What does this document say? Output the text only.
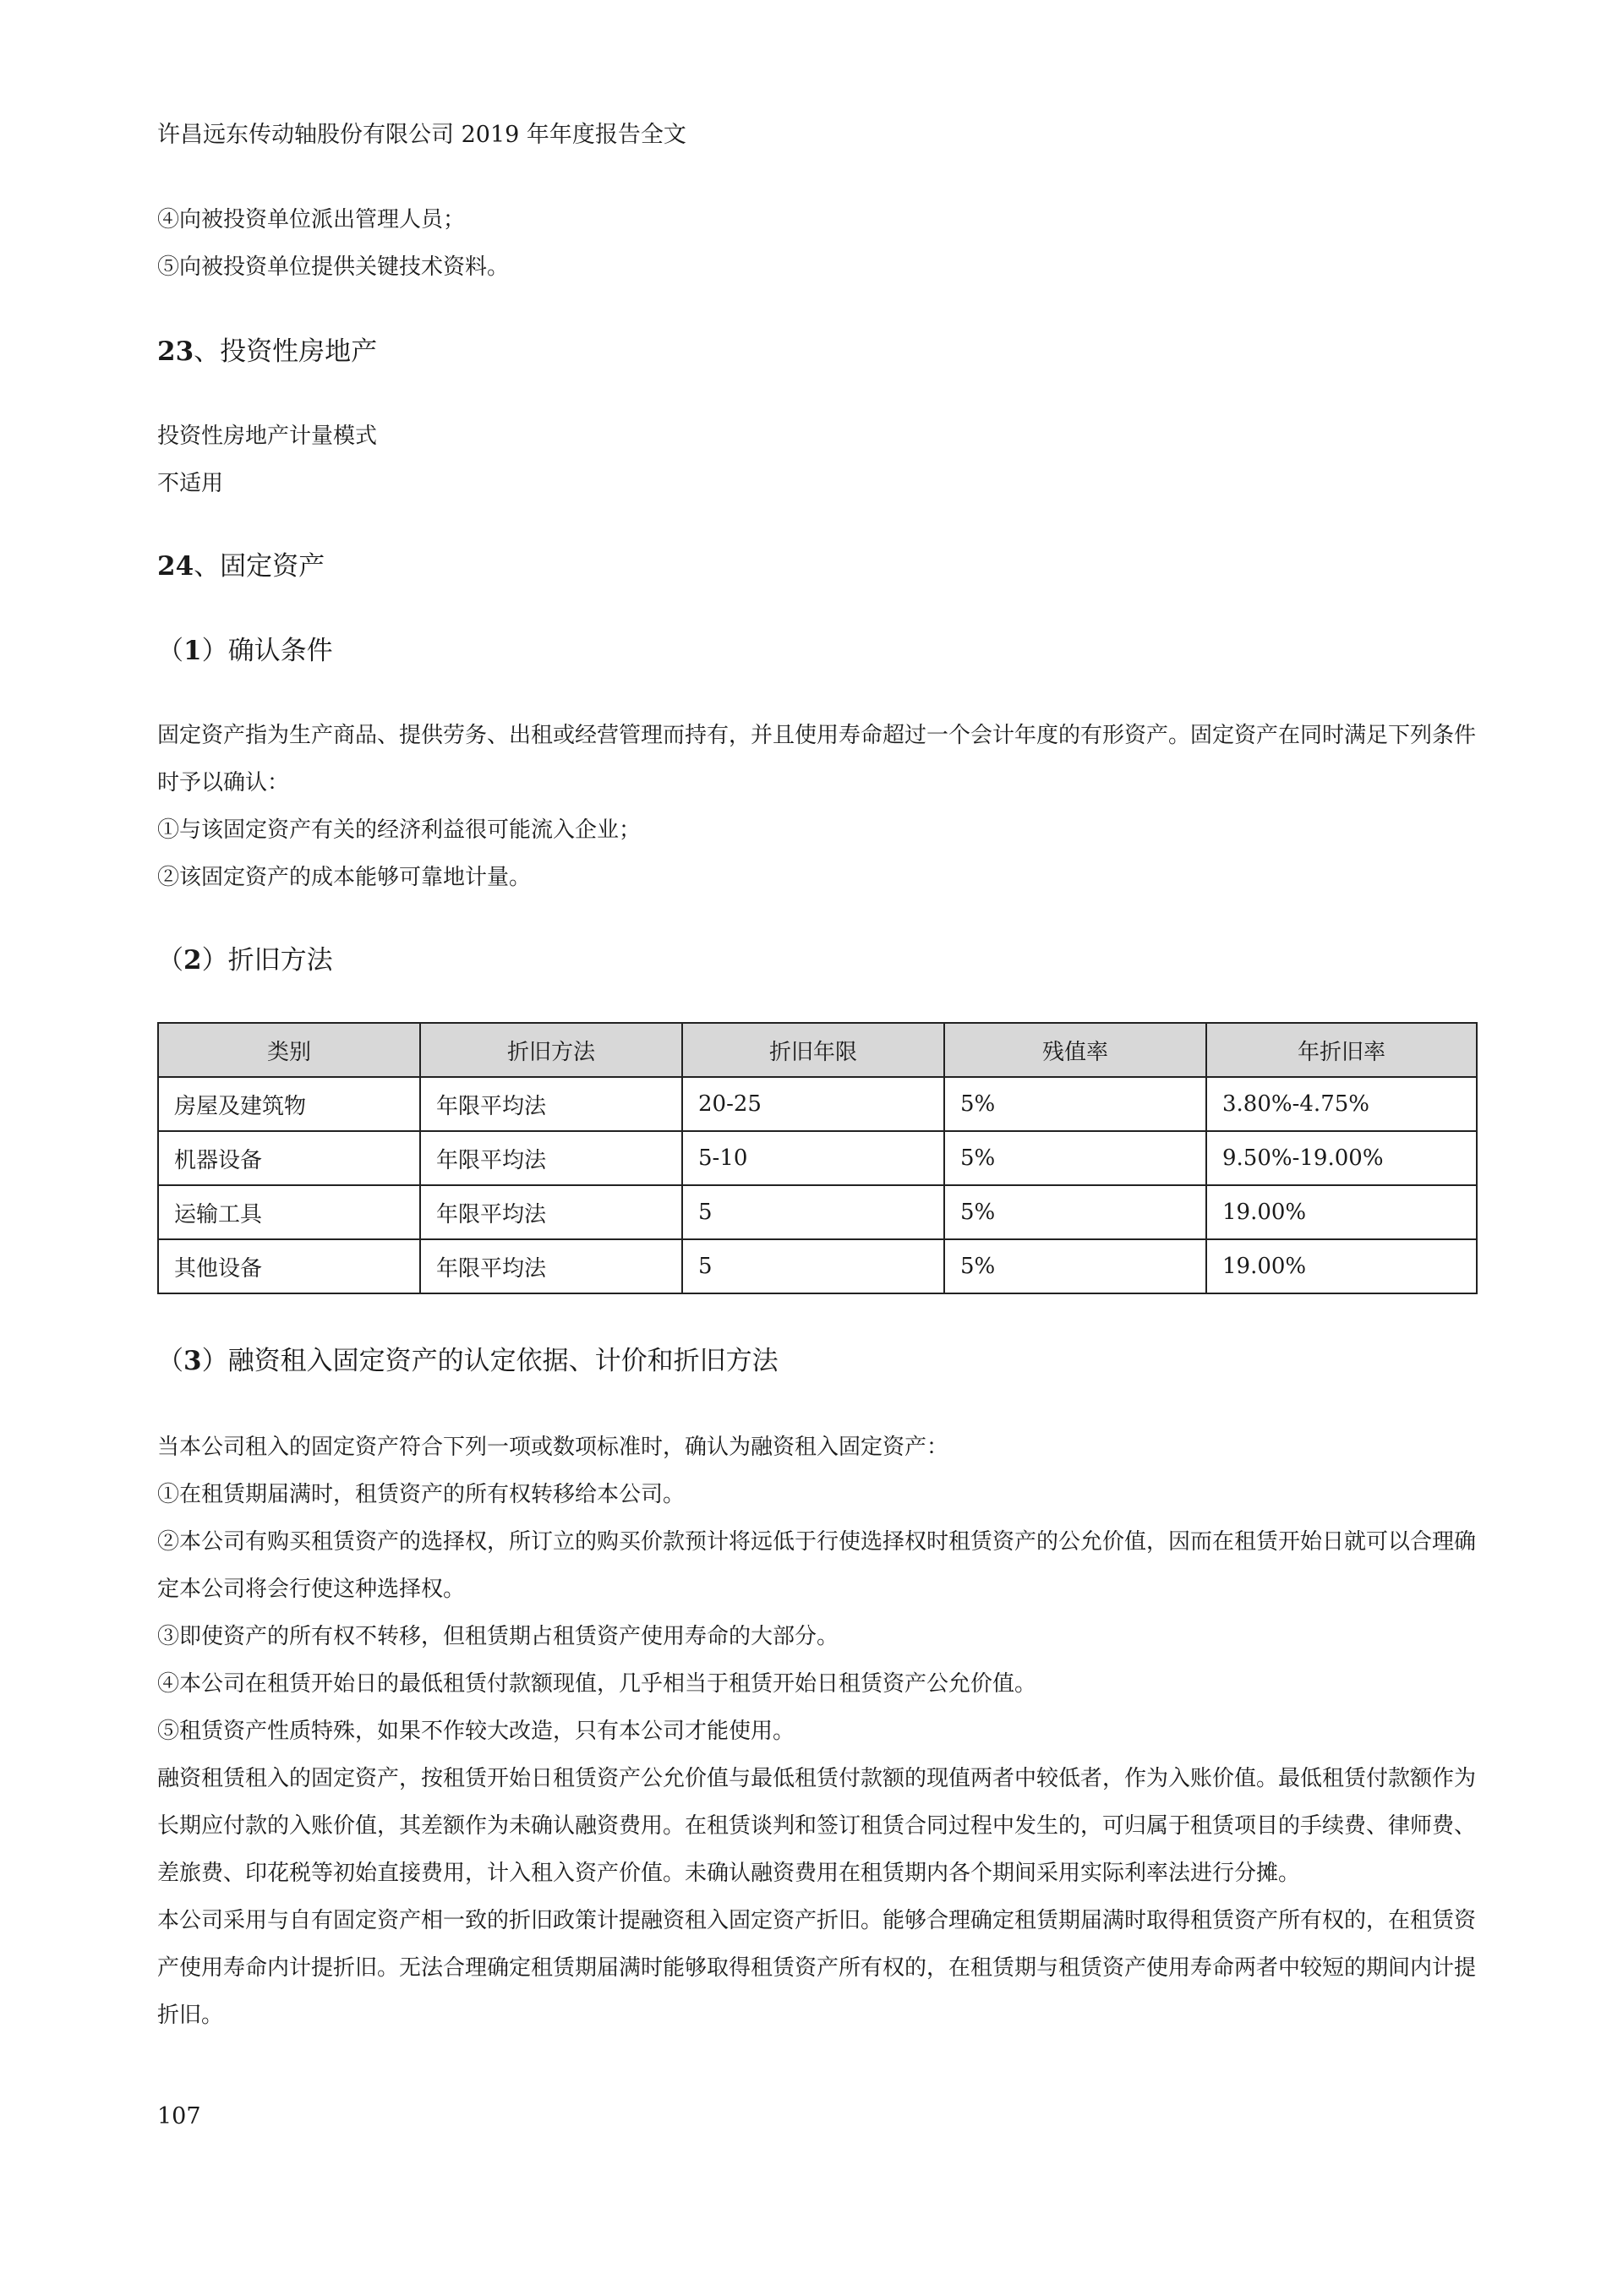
许昌远东传动轴股份有限公司 2019 年年度报告全文

④向被投资单位派出管理人员；

⑤向被投资单位提供关键技术资料。

23、投资性房地产

投资性房地产计量模式

不适用

24、固定资产

（1）确认条件

固定资产指为生产商品、提供劳务、出租或经营管理而持有，并且使用寿命超过一个会计年度的有形资产。固定资产在同时满足下列条件时予以确认：

①与该固定资产有关的经济利益很可能流入企业；

②该固定资产的成本能够可靠地计量。

（2）折旧方法

类别	折旧方法	折旧年限	残值率	年折旧率
房屋及建筑物	年限平均法	20-25	5%	3.80%-4.75%
机器设备	年限平均法	5-10	5%	9.50%-19.00%
运输工具	年限平均法	5	5%	19.00%
其他设备	年限平均法	5	5%	19.00%

（3）融资租入固定资产的认定依据、计价和折旧方法

当本公司租入的固定资产符合下列一项或数项标准时，确认为融资租入固定资产：

①在租赁期届满时，租赁资产的所有权转移给本公司。

②本公司有购买租赁资产的选择权，所订立的购买价款预计将远低于行使选择权时租赁资产的公允价值，因而在租赁开始日就可以合理确定本公司将会行使这种选择权。

③即使资产的所有权不转移，但租赁期占租赁资产使用寿命的大部分。

④本公司在租赁开始日的最低租赁付款额现值，几乎相当于租赁开始日租赁资产公允价值。

⑤租赁资产性质特殊，如果不作较大改造，只有本公司才能使用。

融资租赁租入的固定资产，按租赁开始日租赁资产公允价值与最低租赁付款额的现值两者中较低者，作为入账价值。最低租赁付款额作为长期应付款的入账价值，其差额作为未确认融资费用。在租赁谈判和签订租赁合同过程中发生的，可归属于租赁项目的手续费、律师费、差旅费、印花税等初始直接费用，计入租入资产价值。未确认融资费用在租赁期内各个期间采用实际利率法进行分摊。

本公司采用与自有固定资产相一致的折旧政策计提融资租入固定资产折旧。能够合理确定租赁期届满时取得租赁资产所有权的，在租赁资产使用寿命内计提折旧。无法合理确定租赁期届满时能够取得租赁资产所有权的，在租赁期与租赁资产使用寿命两者中较短的期间内计提折旧。

107
